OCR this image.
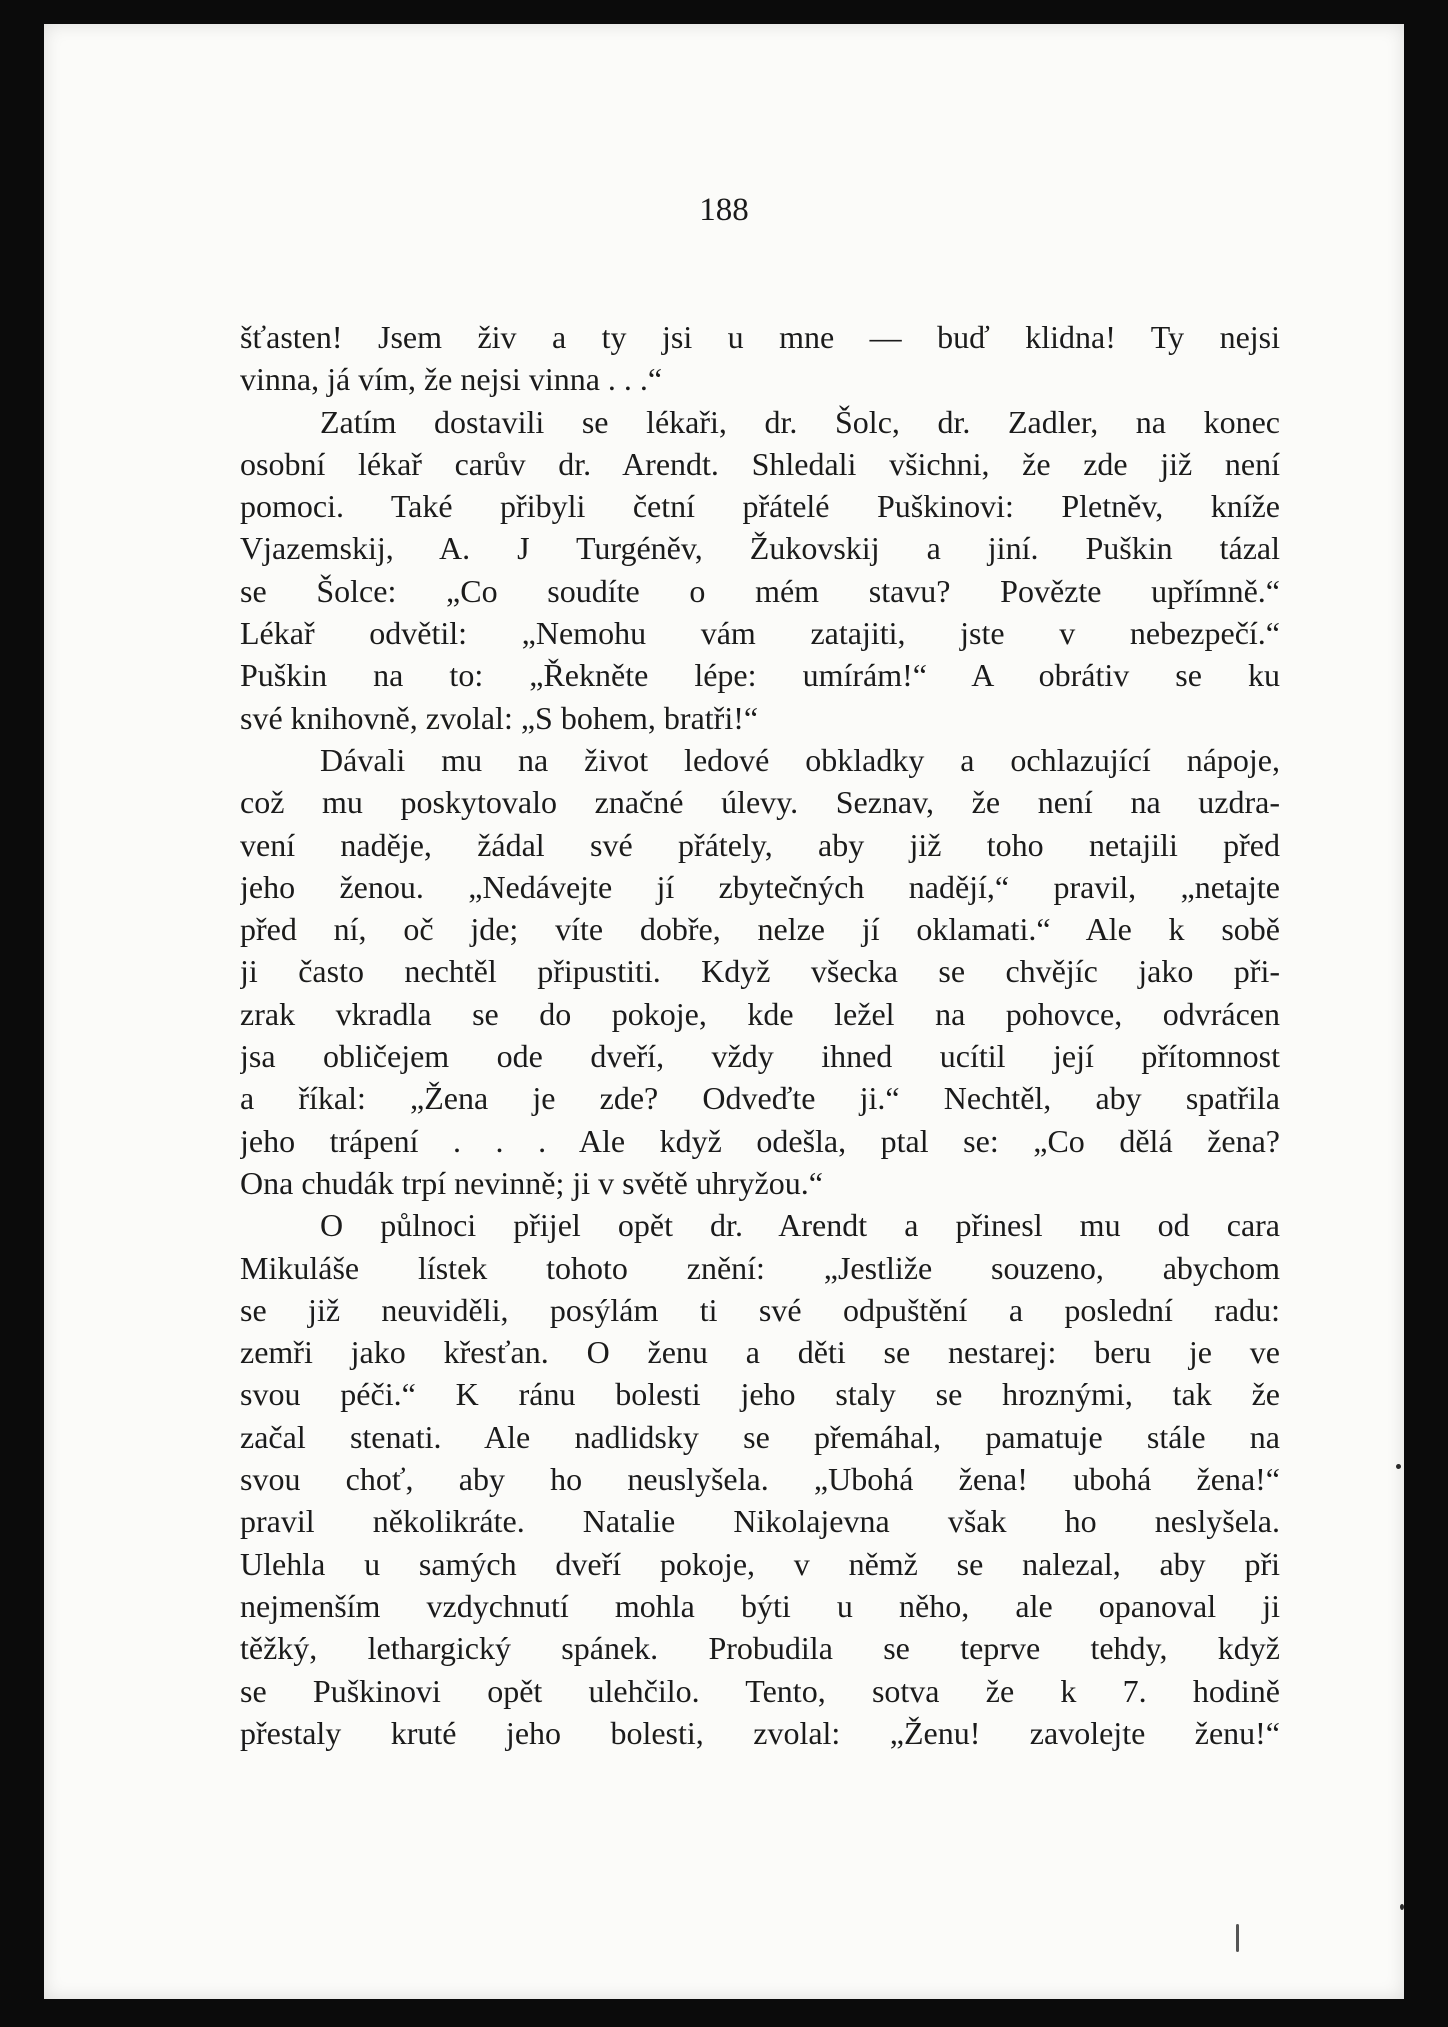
188
šťasten! Jsem živ a ty jsi u mne — buď klidna! Ty nejsi
vinna, já vím, že nejsi vinna . . .“
Zatím dostavili se lékaři, dr. Šolc, dr. Zadler, na konec
osobní lékař carův dr. Arendt. Shledali všichni, že zde již není
pomoci. Také přibyli četní přátelé Puškinovi: Pletněv, kníže
Vjazemskij, A. J Turgéněv, Žukovskij a jiní. Puškin tázal
se Šolce: „Co soudíte o mém stavu? Povězte upřímně.“
Lékař odvětil: „Nemohu vám zatajiti, jste v nebezpečí.“
Puškin na to: „Řekněte lépe: umírám!“ A obrátiv se ku
své knihovně, zvolal: „S bohem, bratři!“
Dávali mu na život ledové obkladky a ochlazující nápoje,
což mu poskytovalo značné úlevy. Seznav, že není na uzdra-
vení naděje, žádal své přátely, aby již toho netajili před
jeho ženou. „Nedávejte jí zbytečných nadějí,“ pravil, „netajte
před ní, oč jde; víte dobře, nelze jí oklamati.“ Ale k sobě
ji často nechtěl připustiti. Když všecka se chvějíc jako při-
zrak vkradla se do pokoje, kde ležel na pohovce, odvrácen
jsa obličejem ode dveří, vždy ihned ucítil její přítomnost
a říkal: „Žena je zde? Odveďte ji.“ Nechtěl, aby spatřila
jeho trápení . . . Ale když odešla, ptal se: „Co dělá žena?
Ona chudák trpí nevinně; ji v světě uhryžou.“
O půlnoci přijel opět dr. Arendt a přinesl mu od cara
Mikuláše lístek tohoto znění: „Jestliže souzeno, abychom
se již neuviděli, posýlám ti své odpuštění a poslední radu:
zemři jako křesťan. O ženu a děti se nestarej: beru je ve
svou péči.“ K ránu bolesti jeho staly se hroznými, tak že
začal stenati. Ale nadlidsky se přemáhal, pamatuje stále na
svou choť, aby ho neuslyšela. „Ubohá žena! ubohá žena!“
pravil několikráte. Natalie Nikolajevna však ho neslyšela.
Ulehla u samých dveří pokoje, v němž se nalezal, aby při
nejmenším vzdychnutí mohla býti u něho, ale opanoval ji
těžký, lethargický spánek. Probudila se teprve tehdy, když
se Puškinovi opět ulehčilo. Tento, sotva že k 7. hodině
přestaly kruté jeho bolesti, zvolal: „Ženu! zavolejte ženu!“
